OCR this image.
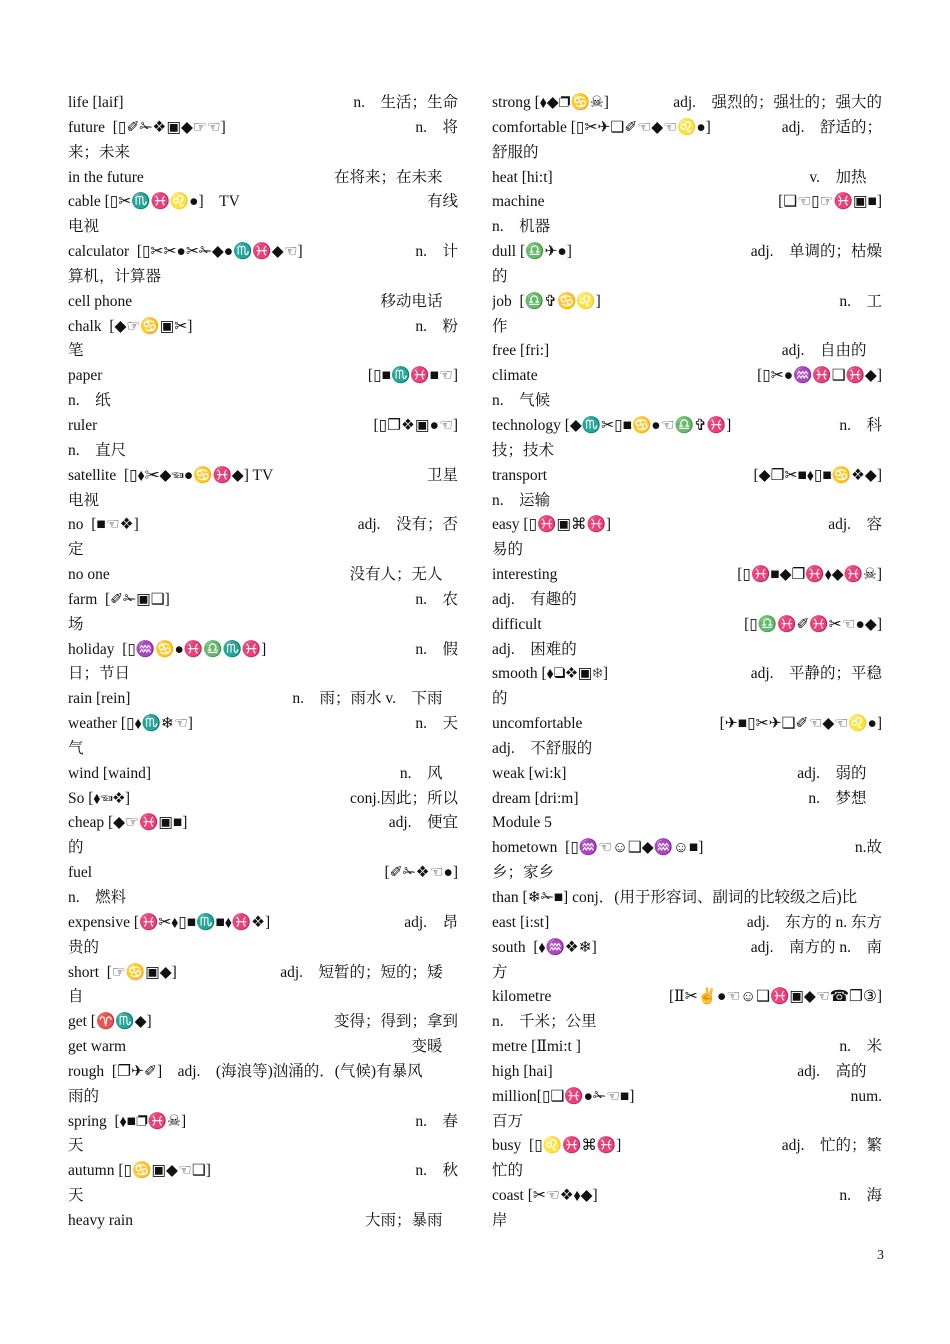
life [laif]	n.　生活；生命
future  [▯✐✁❖▣◆☞☜]	n.　将
来；未来
in the future	在将来；在未来　
cable [▯✂♏♓♌●]　TV	有线
电视
calculator  [▯✂✂●✂✁◆●♏♓◆☜]	n.　计
算机，计算器
cell phone	移动电话　
chalk  [◆☞♋▣✂]	n.　粉
笔
paper	[▯■♏♓■☜]
n.　纸
ruler	[▯❐❖▣●☜]
n.　直尺
satellite  [▯⬧✂◆☜●♋♓◆] TV	卫星
电视
no  [■☜❖]	adj.　没有；否
定
no one	没有人；无人　
farm  [✐✁▣❑]	n.　农
场
holiday  [▯♒♋●♓♎♏♓]	n.　假
日；节日
rain [rein]	n.　雨；雨水 v.　下雨　
weather [▯⬧♏❄☜]	n.　天
气
wind [waind]	n.　风　
So [⬧☜❖]	conj.因此；所以
cheap [◆☞♓▣■]	adj.　便宜
的
fuel	[✐✁❖☜●]
n.　燃料
expensive [♓✂⬧▯■♏■⬧♓❖]	adj.　昂
贵的
short  [☞♋▣◆]	adj.　短暂的；短的；矮　
自
get [♈♏◆]	变得；得到；拿到
get warm	变暖　
rough  [❐✈✐]　adj.　(海浪等)汹涌的．(气候)有暴风
雨的
spring  [⬧■❐♓☠]	n.　春
天
autumn [▯♋▣◆☜❑]	n.　秋
天
heavy rain	大雨；暴雨　
strong [⬧◆❐♋☠]	adj.　强烈的；强壮的；强大的
comfortable [▯✂✈❑✐☜◆☜♌●]	adj.　舒适的；
舒服的
heat [hi:t]	v.　加热　
machine	[❑☜▯☞♓▣■]
n.　机器
dull [♎✈●]	adj.　单调的；枯燥
的
job  [♎✞♋♌]	n.　工
作
free [fri:]	adj.　自由的　
climate	[▯✂●♒♓❑♓◆]
n.　气候
technology [◆♏✂▯■♋●☜♎✞♓]	n.　科
技；技术
transport	[◆❐✂■⬧▯■♋❖◆]
n.　运输
easy [▯♓▣⌘♓]	adj.　容
易的
interesting	[▯♓■◆❐♓⬧◆♓☠]
adj.　有趣的
difficult	[▯♎♓✐♓✂☜●◆]
adj.　困难的
smooth [⬧❑❖▣❄]	adj.　平静的；平稳
的
uncomfortable	[✈■▯✂✈❑✐☜◆☜♌●]
adj.　不舒服的
weak [wi:k]	adj.　弱的　
dream [dri:m]	n.　梦想　
Module 5
hometown  [▯♒☜☺❑◆♒☺■]	n.故
乡；家乡
than [❄✁■] conj．(用于形容词、副词的比较级之后)比
east [i:st]	adj.　东方的 n. 东方
south  [⬧♒❖❄]	adj.　南方的 n.　南
方
kilometre	[Ⅱ✂✌●☜☺❑♓▣◆☜☎❐③]
n.　千米；公里
metre [Ⅱmi:t ]	n.　米
high [hai]	adj.　高的　
million[▯❑♓●✁☜■]	num.
百万
busy  [▯♌♓⌘♓]	adj.　忙的；繁
忙的
coast [✂☜❖⬧◆]	n.　海
岸
3
